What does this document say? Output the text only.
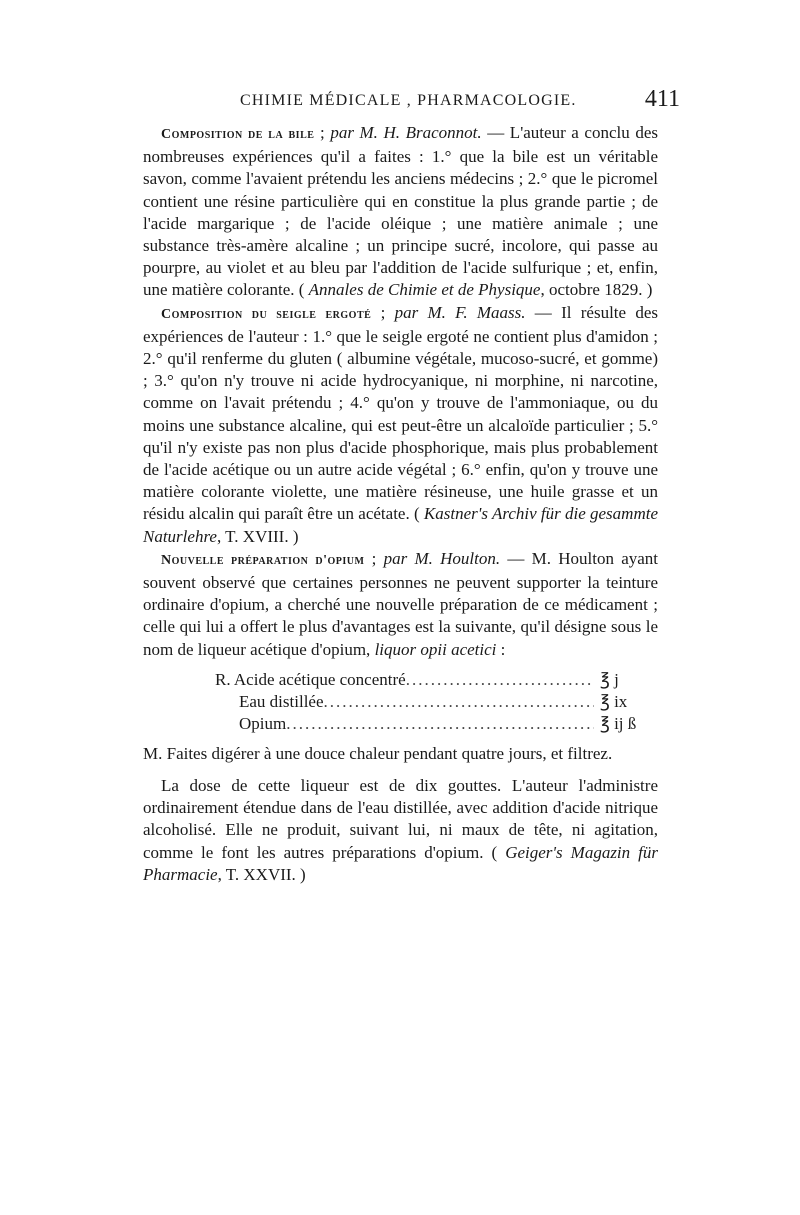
CHIMIE MÉDICALE , PHARMACOLOGIE.	411

Composition de la bile ; par M. H. Braconnot. — L'auteur a conclu des nombreuses expériences qu'il a faites : 1.° que la bile est un véritable savon, comme l'avaient prétendu les anciens médecins ; 2.° que le picromel contient une résine particulière qui en constitue la plus grande partie ; de l'acide margarique ; de l'acide oléique ; une matière animale ; une substance très-amère alcaline ; un principe sucré, incolore, qui passe au pourpre, au violet et au bleu par l'addition de l'acide sulfurique ; et, enfin, une matière colorante. ( Annales de Chimie et de Physique, octobre 1829. )

Composition du seigle ergoté ; par M. F. Maass. — Il résulte des expériences de l'auteur : 1.° que le seigle ergoté ne contient plus d'amidon ; 2.° qu'il renferme du gluten ( albumine végétale, mucoso-sucré, et gomme) ; 3.° qu'on n'y trouve ni acide hydrocyanique, ni morphine, ni narcotine, comme on l'avait prétendu ; 4.° qu'on y trouve de l'ammoniaque, ou du moins une substance alcaline, qui est peut-être un alcaloïde particulier ; 5.° qu'il n'y existe pas non plus d'acide phosphorique, mais plus probablement de l'acide acétique ou un autre acide végétal ; 6.° enfin, qu'on y trouve une matière colorante violette, une matière résineuse, une huile grasse et un résidu alcalin qui paraît être un acétate. ( Kastner's Archiv für die gesammte Naturlehre, T. XVIII. )

Nouvelle préparation d'opium ; par M. Houlton. — M. Houlton ayant souvent observé que certaines personnes ne peuvent supporter la teinture ordinaire d'opium, a cherché une nouvelle préparation de ce médicament ; celle qui lui a offert le plus d'avantages est la suivante, qu'il désigne sous le nom de liqueur acétique d'opium, liquor opii acetici :

R. Acide acétique concentré .....	℥ j
Eau distillée .....	℥ ix
Opium .....	℥ ij ß

M. Faites digérer à une douce chaleur pendant quatre jours, et filtrez.

La dose de cette liqueur est de dix gouttes. L'auteur l'administre ordinairement étendue dans de l'eau distillée, avec addition d'acide nitrique alcoholisé. Elle ne produit, suivant lui, ni maux de tête, ni agitation, comme le font les autres préparations d'opium. ( Geiger's Magazin für Pharmacie, T. XXVII. )
